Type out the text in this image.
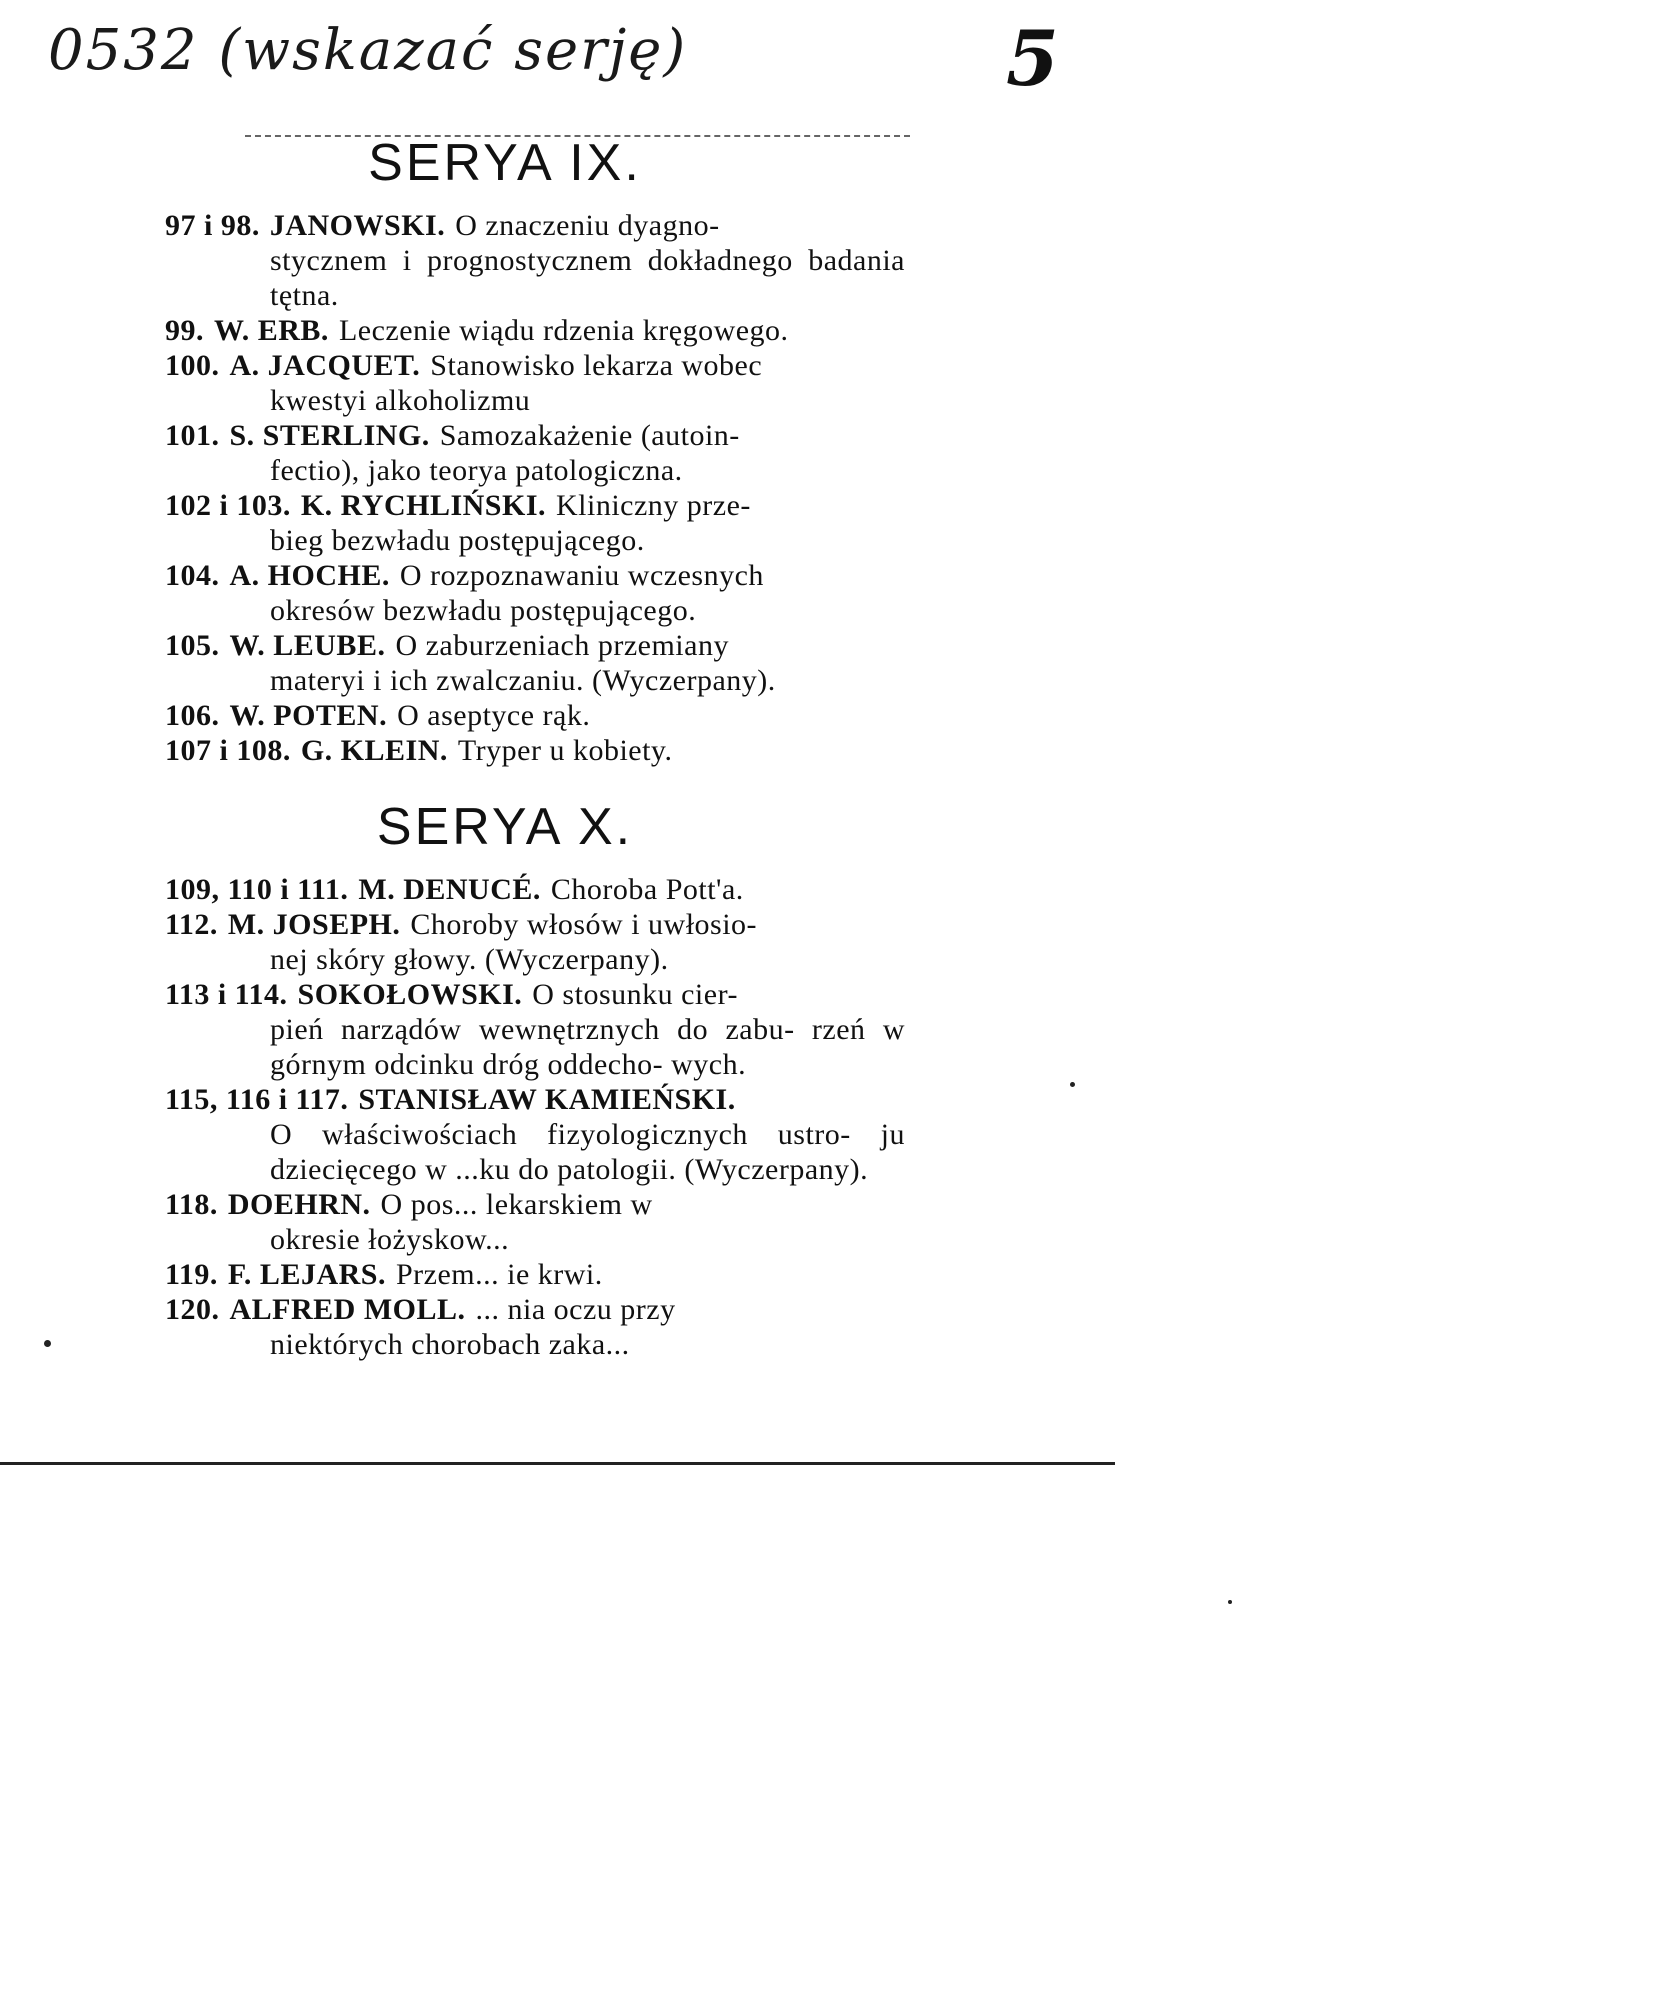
0532 (wskazać serję)	5
SERYA IX.
97 i 98. JANOWSKI. O znaczeniu dyagno-
stycznem i prognostycznem dokładnego badania tętna.
99. W. ERB. Leczenie wiądu rdzenia kręgowego.
100. A. JACQUET. Stanowisko lekarza wobec
kwestyi alkoholizmu
101. S. STERLING. Samozakażenie (autoin-
fectio), jako teorya patologiczna.
102 i 103. K. RYCHLIŃSKI. Kliniczny prze-
bieg bezwładu postępującego.
104. A. HOCHE. O rozpoznawaniu wczesnych
okresów bezwładu postępującego.
105. W. LEUBE. O zaburzeniach przemiany
materyi i ich zwalczaniu. (Wyczerpany).
106. W. POTEN. O aseptyce rąk.
107 i 108. G. KLEIN. Tryper u kobiety.
SERYA X.
109, 110 i 111. M. DENUCÉ. Choroba Pott'a.
112. M. JOSEPH. Choroby włosów i uwłosio-
nej skóry głowy. (Wyczerpany).
113 i 114. SOKOŁOWSKI. O stosunku cier-
pień narządów wewnętrznych do zabu- rzeń w górnym odcinku dróg oddecho- wych.
115, 116 i 117. STANISŁAW KAMIEŃSKI.
O właściwościach fizyologicznych ustro- ju dziecięcego w ...ku do patologii. (Wyczerpany).
118. DOEHRN. O pos... lekarskiem w
okresie łożyskow...
119. F. LEJARS. Przem... ie krwi.
120. ALFRED MOLL. ... nia oczu przy
niektórych chorobach zaka...
